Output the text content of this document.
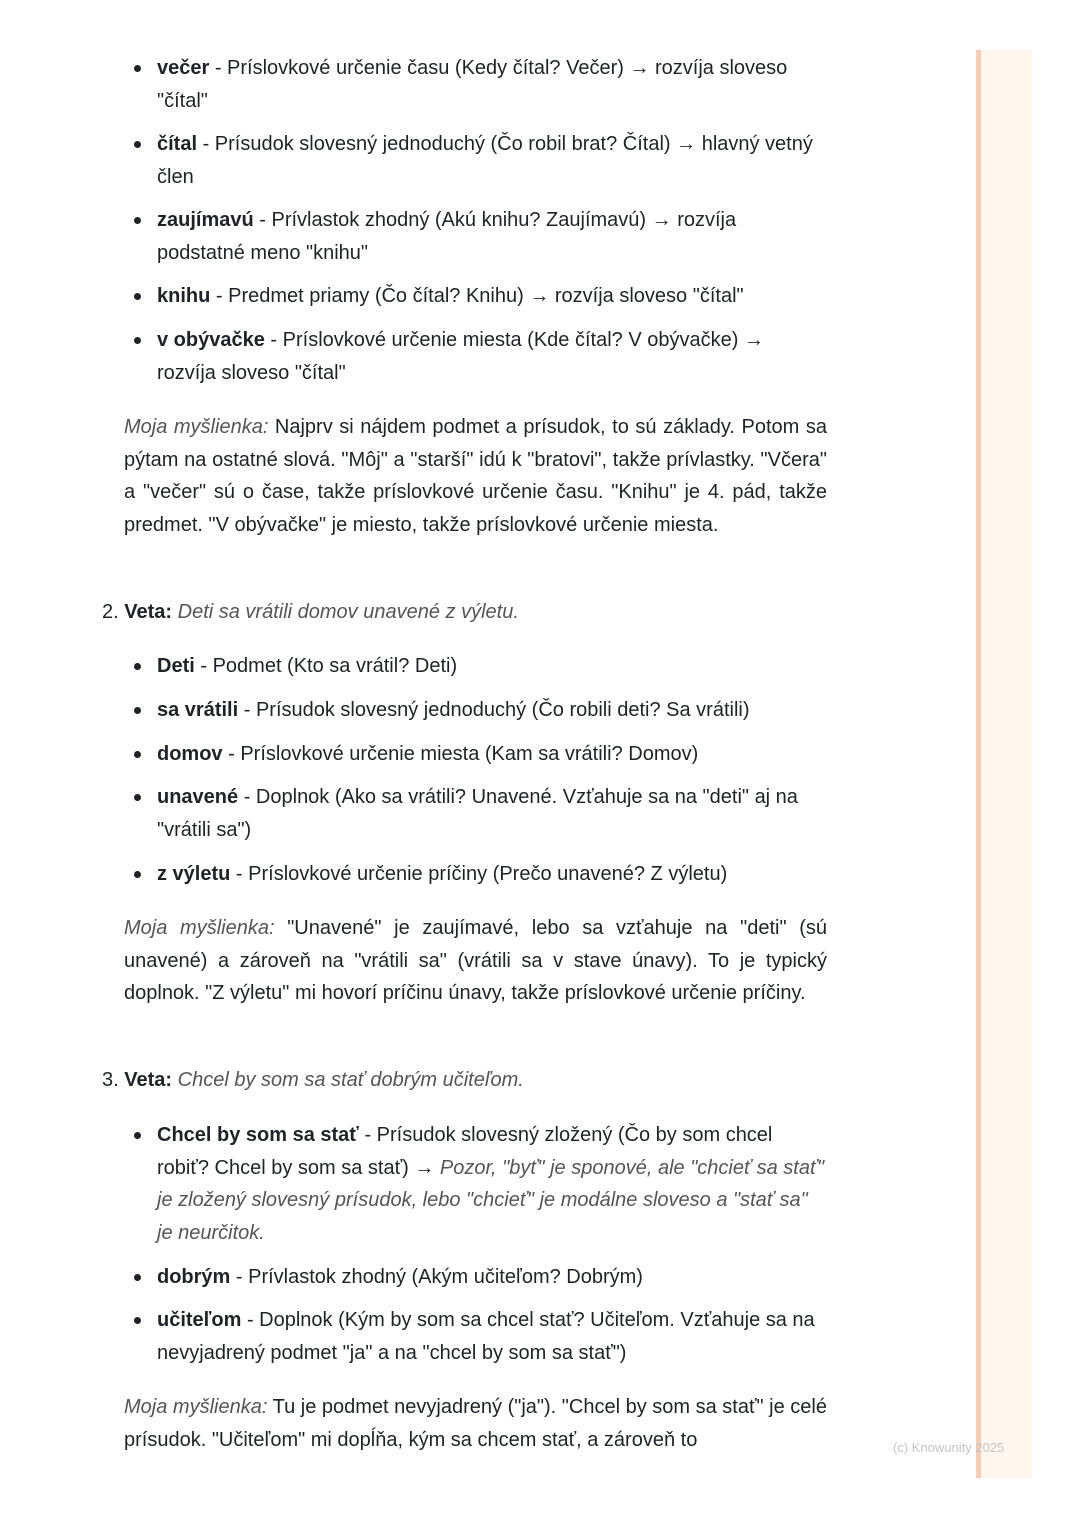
večer - Príslovkové určenie času (Kedy čítal? Večer) → rozvíja sloveso "čítal"
čítal - Prísudok slovesný jednoduchý (Čo robil brat? Čítal) → hlavný vetný člen
zaujímavú - Prívlastok zhodný (Akú knihu? Zaujímavú) → rozvíja podstatné meno "knihu"
knihu - Predmet priamy (Čo čítal? Knihu) → rozvíja sloveso "čítal"
v obývačke - Príslovkové určenie miesta (Kde čítal? V obývačke) → rozvíja sloveso "čítal"

Moja myšlienka: Najprv si nájdem podmet a prísudok, to sú základy. Potom sa pýtam na ostatné slová. "Môj" a "starší" idú k "bratovi", takže prívlastky. "Včera" a "večer" sú o čase, takže príslovkové určenie času. "Knihu" je 4. pád, takže predmet. "V obývačke" je miesto, takže príslovkové určenie miesta.

2. Veta: Deti sa vrátili domov unavené z výletu.
Deti - Podmet (Kto sa vrátil? Deti)
sa vrátili - Prísudok slovesný jednoduchý (Čo robili deti? Sa vrátili)
domov - Príslovkové určenie miesta (Kam sa vrátili? Domov)
unavené - Doplnok (Ako sa vrátili? Unavené. Vzťahuje sa na "deti" aj na "vrátili sa")
z výletu - Príslovkové určenie príčiny (Prečo unavené? Z výletu)

Moja myšlienka: "Unavené" je zaujímavé, lebo sa vzťahuje na "deti" (sú unavené) a zároveň na "vrátili sa" (vrátili sa v stave únavy). To je typický doplnok. "Z výletu" mi hovorí príčinu únavy, takže príslovkové určenie príčiny.

3. Veta: Chcel by som sa stať dobrým učiteľom.
Chcel by som sa stať - Prísudok slovesný zložený (Čo by som chcel robiť? Chcel by som sa stať) → Pozor, "byť" je sponové, ale "chcieť sa stať" je zložený slovesný prísudok, lebo "chcieť" je modálne sloveso a "stať sa" je neurčitok.
dobrým - Prívlastok zhodný (Akým učiteľom? Dobrým)
učiteľom - Doplnok (Kým by som sa chcel stať? Učiteľom. Vzťahuje sa na nevyjadrený podmet "ja" a na "chcel by som sa stať")

Moja myšlienka: Tu je podmet nevyjadrený ("ja"). "Chcel by som sa stať" je celé prísudok. "Učiteľom" mi dopĺňa, kým sa chcem stať, a zároveň to	(c) Knowunity 2025
